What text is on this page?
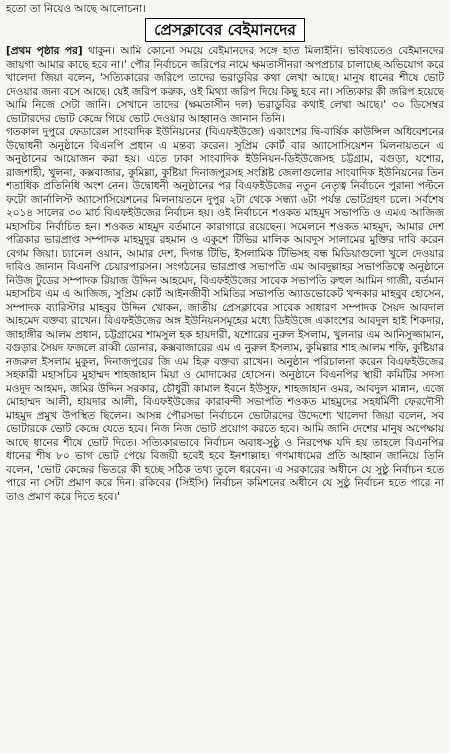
হতো তা নিয়েও আছে আলোচনা।
প্রেসক্লাবের বেইমানদের

[প্রথম পৃষ্ঠার পর] থাকুন। আমি কোনো সময়ে বেইমানদের সঙ্গে হাত মিলাইনি। ভবিষ্যতেও বেইমানদের জায়গা আমার কাছে হবে না।' পৌর নির্বাচনে জরিপের নামে ক্ষমতাসীনরা অপপ্রচার চালাচ্ছে অভিযোগ করে খালেদা জিয়া বলেন, 'সত্যিকারের জরিপে তাদের ভরাডুবির কথা লেখা আছে। মানুষ ধানের শীষে ভোট দেওয়ার জন্য বসে আছে। যেই জরিপ করুক, ওই মিথ্যা জরিপ দিয়ে কিছু হবে না। সত্যিকার কী জরিপ হয়েছে আমি নিজে সেটা জানি। সেখানে তাদের (ক্ষমতাসীন দল) ভরাডুবির কথাই লেখা আছে।' ৩০ ডিসেম্বর ভোটারদের ভোট কেন্দ্রে গিয়ে ভোট দেওয়ার আহ্বানও জানান তিনি।

গতকাল দুপুরে ফেডারেল সাংবাদিক ইউনিয়নের (বিএফইউজে) একাংশের দ্বি-বার্ষিক কাউন্সিল অধিবেশনের উদ্বোধনী অনুষ্ঠানে বিএনপি প্রধান এ মন্তব্য করেন। সুপ্রিম কোর্ট বার অ্যাসোসিয়েশন মিলনায়তনে এ অনুষ্ঠানের আয়োজন করা হয়। এতে ঢাকা সাংবাদিক ইউনিয়ন-ডিইউজেসহ চট্টগ্রাম, বগুড়া, যশোর, রাজশাহী, খুলনা, কক্সবাজার, কুমিল্লা, কুষ্টিয়া দিনাজপুরসহ সংশ্লিষ্ট জেলাগুলোর সাংবাদিক ইউনিয়নের তিন শতাধিক প্রতিনিধি অংশ নেন। উদ্বোধনী অনুষ্ঠানের পর বিএফইউজের নতুন নেতৃত্ব নির্বাচনে পুরানা পল্টনে ফটো জার্নালিস্ট অ্যাসোসিয়েশনের মিলনায়তনে দুপুর ২টা থেকে সন্ধ্যা ৬টা পর্যন্ত ভোটগ্রহণ চলে। সর্বশেষ ২০১৪ সালের ৩০ মার্চ বিএফইউজের নির্বাচন হয়। ওই নির্বাচনে শওকত মাহমুদ সভাপতি ও এমএ আজিজ মহাসচিব নির্বাচিত হন। শওকত মাহমুদ বর্তমানে কারাগারে রয়েছেন। সমেলনে শওকত মাহমুদ, আমার দেশ পত্রিকার ভারপ্রাপ্ত সম্পাদক মাহমুদুর রহমান ও একুশে টিভির মালিক আবদুস সালামের মুক্তির দাবি করেন বেগম জিয়া। চ্যানেল ওয়ান, আমার দেশ, দিগন্ত টিভি, ইসলামিক টিভিসহ বন্ধ মিডিয়াগুলো খুলে দেওয়ার দাবিও জানান বিএনপি চেয়ারপারসন। সংগঠনের ভারপ্রাপ্ত সভাপতি এম আবদুল্লাহর সভাপতিত্বে অনুষ্ঠানে নিউজ টুডের সম্পাদক রিয়াজ উদ্দিন আহমেদ, বিএফইউজের সাবেক সভাপতি রুহুল আমিন গাজী, বর্তমান মহাসচিব এম এ আজিজ, সুপ্রিম কোর্ট আইনজীবী সমিতির সভাপতি অ্যাডভোকেট খন্দকার মাহবুব হোসেন, সম্পাদক ব্যারিস্টার মাহবুব উদ্দিন খোকন, জাতীয় প্রেসক্লাবের সাবেক সাধারণ সম্পাদক সৈয়দ আবদাল আহমেদ বক্তব্য রাখেন। বিএফইউজের অঙ্গ ইউনিয়নসমূহের মধ্যে ডিইউজে একাংশের আবদুল হাই শিকদার, জাহাঙ্গীর আলম প্রধান, চট্টগ্রামের শামসুল হক হায়দারী, যশোরের নুরুল ইসলাম, খুলনার এম আনিসুজ্জামান, বগুড়ার সৈয়দ ফজলে রাব্বী ডোনার, কক্সবাজারের এম এ নুরুল ইসলাম, কুমিল্লার শাহ আলম শফি, কুষ্টিয়ার নজরুল ইসলাম মুকুল, দিনাজপুরের জি এম হিরু বক্তব্য রাখেন। অনুষ্ঠান পরিচালনা করেন বিএফইউজের সহকারী মহাসচিব মুহাম্মদ শাহজাহান মিয়া ও মোদাব্বের হোসেন। অনুষ্ঠানে বিএনপির স্থায়ী কমিটির সদস্য মওদুদ আহমদ, জমির উদ্দিন সরকার, চৌধুরী কামাল ইবনে ইউসুফ, শাহজাহান ওমর, আবদুল মান্নান, এজে মোহাম্মদ আলী, হায়দার আলী, বিএফইউজের কারাবন্দী সভাপতি শওকত মাহমুদের সহধর্মিণী ফেরদৌসী মাহমুদ প্রমুখ উপস্থিত ছিলেন। আসন্ন পৌরসভা নির্বাচনে ভোটারদের উদ্দেশ্যে খালেদা জিয়া বলেন, সব ভোটারকে ভোট কেন্দ্রে যেতে হবে। নিজ নিজ ভোট প্রয়োগ করতে হবে। আমি জানি দেশের মানুষ অপেক্ষায় আছে ধানের শীষে ভোট দিতে। সত্যিকারভাবে নির্বাচন অবাধ-সুষ্ঠু ও নিরপেক্ষ যদি হয় তাহলে বিএনপির ধানের শীষ ৮০ ভাগ ভোট পেয়ে বিজয়ী হবেই হবে ইনশাল্লাহ। গণমাধ্যমের প্রতি আহ্বান জানিয়ে তিনি বলেন, 'ভোট কেন্দ্রের ভিতরে কী হচ্ছে সঠিক তথ্য তুলে ধরবেন। এ সরকারের অধীনে যে সুষ্ঠু নির্বাচন হতে পারে না সেটা প্রমাণ করে দিন। রকিবের (সিইসি) নির্বাচন কমিশনের অধীনে যে সুষ্ঠু নির্বাচন হতে পারে না তাও প্রমাণ করে দিতে হবে।'
